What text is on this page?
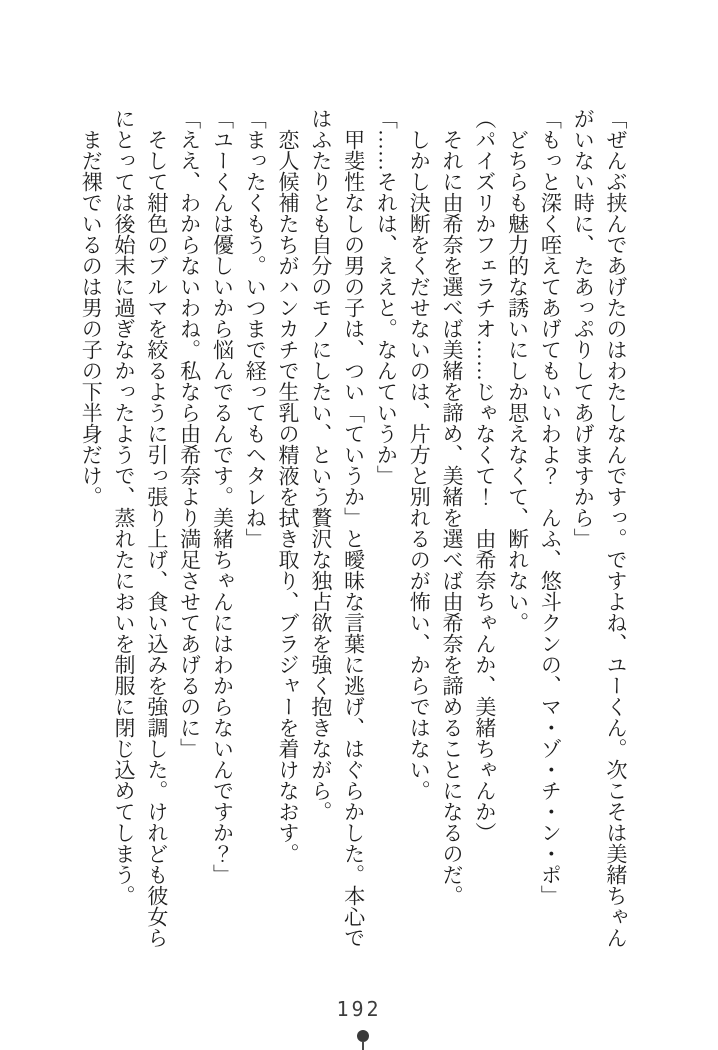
「ぜんぶ挟んであげたのはわたしなんですっ。ですよね、ユーくん。次こそは美緒ちゃんがいない時に、たあっぷりしてあげますから」

「もっと深く咥えてあげてもいいわよ？　んふ、悠斗クンの、マ・ゾ・チ・ン・ポ」

どちらも魅力的な誘いにしか思えなくて、断れない。

（パイズリかフェラチオ……じゃなくて！　由希奈ちゃんか、美緒ちゃんか）

それに由希奈を選べば美緒を諦め、美緒を選べば由希奈を諦めることになるのだ。

しかし決断をくだせないのは、片方と別れるのが怖い、からではない。

「……それは、ええと。なんていうか」

甲斐性なしの男の子は、つい「ていうか」と曖昧な言葉に逃げ、はぐらかした。本心ではふたりとも自分のモノにしたい、という贅沢な独占欲を強く抱きながら。

恋人候補たちがハンカチで生乳の精液を拭き取り、ブラジャーを着けなおす。

「まったくもう。いつまで経ってもヘタレね」

「ユーくんは優しいから悩んでるんです。美緒ちゃんにはわからないんですか？」

「ええ、わからないわね。私なら由希奈より満足させてあげるのに」

そして紺色のブルマを絞るように引っ張り上げ、食い込みを強調した。けれども彼女らにとっては後始末に過ぎなかったようで、蒸れたにおいを制服に閉じ込めてしまう。

まだ裸でいるのは男の子の下半身だけ。

192
